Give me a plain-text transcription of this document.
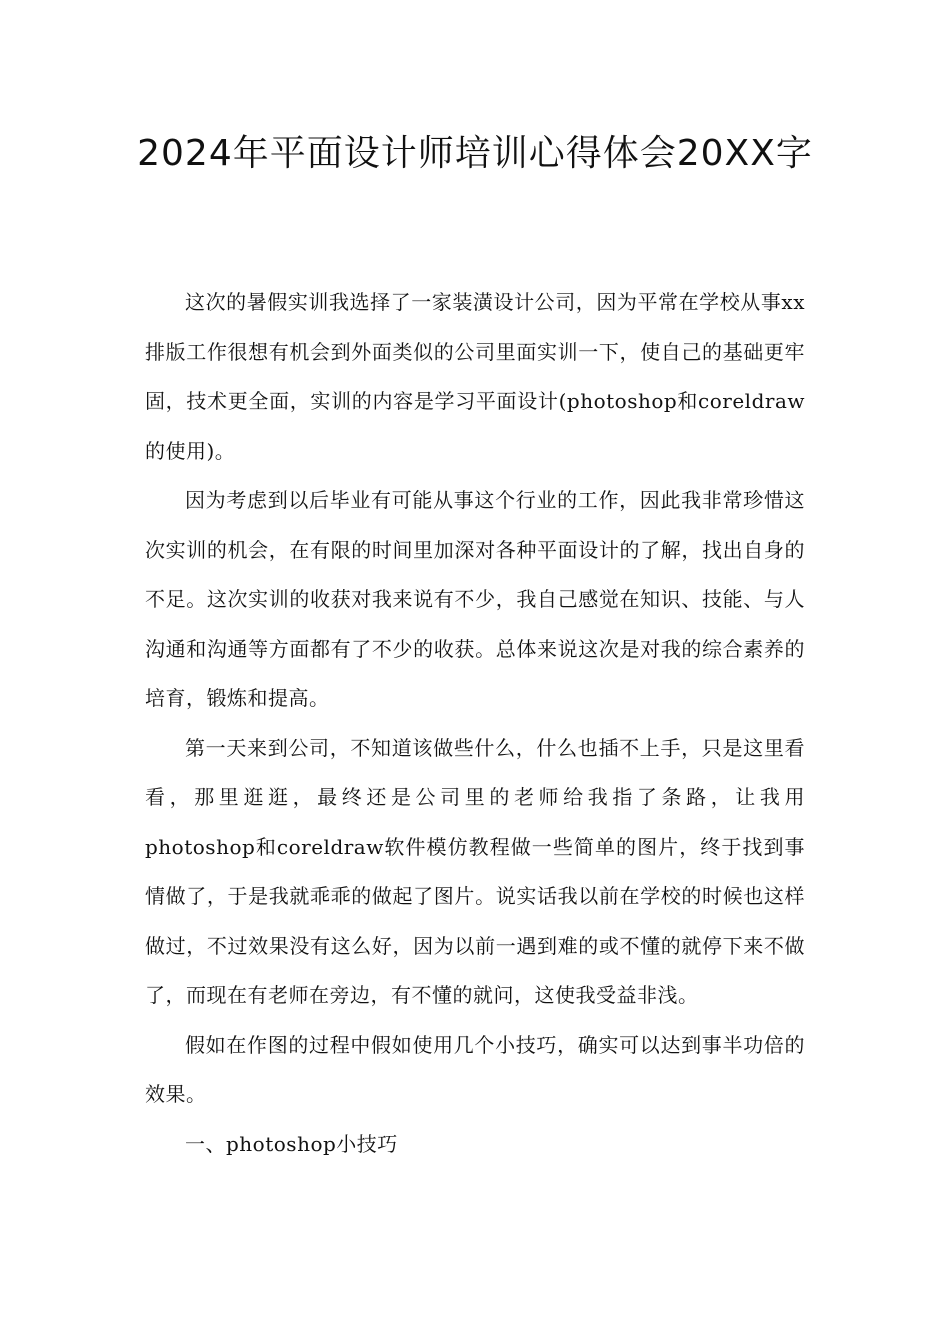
2024年平面设计师培训心得体会20XX字

这次的暑假实训我选择了一家装潢设计公司，因为平常在学校从事xx排版工作很想有机会到外面类似的公司里面实训一下，使自己的基础更牢固，技术更全面，实训的内容是学习平面设计(photoshop和coreldraw的使用)。

因为考虑到以后毕业有可能从事这个行业的工作，因此我非常珍惜这次实训的机会，在有限的时间里加深对各种平面设计的了解，找出自身的不足。这次实训的收获对我来说有不少，我自己感觉在知识、技能、与人沟通和沟通等方面都有了不少的收获。总体来说这次是对我的综合素养的培育，锻炼和提高。

第一天来到公司，不知道该做些什么，什么也插不上手，只是这里看看，那里逛逛，最终还是公司里的老师给我指了条路，让我用photoshop和coreldraw软件模仿教程做一些简单的图片，终于找到事情做了，于是我就乖乖的做起了图片。说实话我以前在学校的时候也这样做过，不过效果没有这么好，因为以前一遇到难的或不懂的就停下来不做了，而现在有老师在旁边，有不懂的就问，这使我受益非浅。

假如在作图的过程中假如使用几个小技巧，确实可以达到事半功倍的效果。

一、photoshop小技巧
